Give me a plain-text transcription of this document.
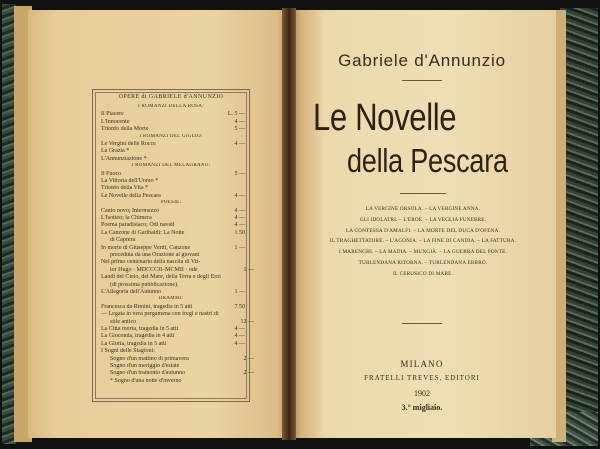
OPERE di GABRIELE d'ANNUNZIO
I ROMANZI DELLA ROSA:
Il Piacere	L. 5 —
L'Innocente	4 —
Trionfo della Morte	5 —
I ROMANZI DEL GIGLIO:
Le Vergini delle Rocce	4 —
La Grazia *
L'Annunziazione *
I ROMANZI DEL MELAGRANO:
Il Fuoco	5 —
La Vittoria dell'Uomo *
Trionfo della Vita *
Le Novelle della Pescara	4 —
POESIE:
Canto novo; Intermezzo	4 —
L'Isottèo; la Chimera	4 —
Poema paradisiaco; Odi navali	4 —
La Canzone di Garibaldi: La Notte	1 50
di Caprera
In morte di Giuseppe Verdi, Canzone	1 —
preceduta da una Orazione al giovani
Nel primo centenario della nascita di Vit-
tor Hugo · MDCCCII–MCMII · ode	1 —
Laudi del Cielo, del Mare, della Terra e degli Eroi
(di prossima pubblicazione).
L'Allegoria dell'Autunno	1 —
DRAMMI:
Francesca da Rimini, tragedia in 5 atti	7 50
— Legata in vera pergamena con fregi e nastri di
stile antico	12 —
La Città morta, tragedia in 5 atti	4 —
La Gioconda, tragedia in 4 atti	4 —
La Gloria, tragedia in 5 atti	4 —
I Sogni delle Stagioni:
Sogno d'un mattino di primavera	2 —
Sogno d'un meriggio d'estate
Sogno d'un tramonto d'autunno	2 —
* Sogno d'una notte d'inverno
Gabriele d'Annunzio
Le Novelle
della Pescara
LA VERGINE ORSOLA. – LA VERGINE ANNA.
GLI IDOLATRI. – L'EROE. – LA VEGLIA FUNEBRE.
LA CONTESSA D'AMALFI. – LA MORTE DEL DUCA D'OFENA.
IL TRAGHETTATORE. – L'AGONIA. – LA FINE DI CANDIA. – LA FATTURA.
I MARENGHI. – LA MADIA. – MUNGIÀ. – LA GUERRA DEL PONTE.
TURLENDANA RITORNA. – TURLENDANA EBBRO.
IL CERUSICO DI MARE.
MILANO
FRATELLI TREVES, EDITORI
1902
3.° migliaio.
